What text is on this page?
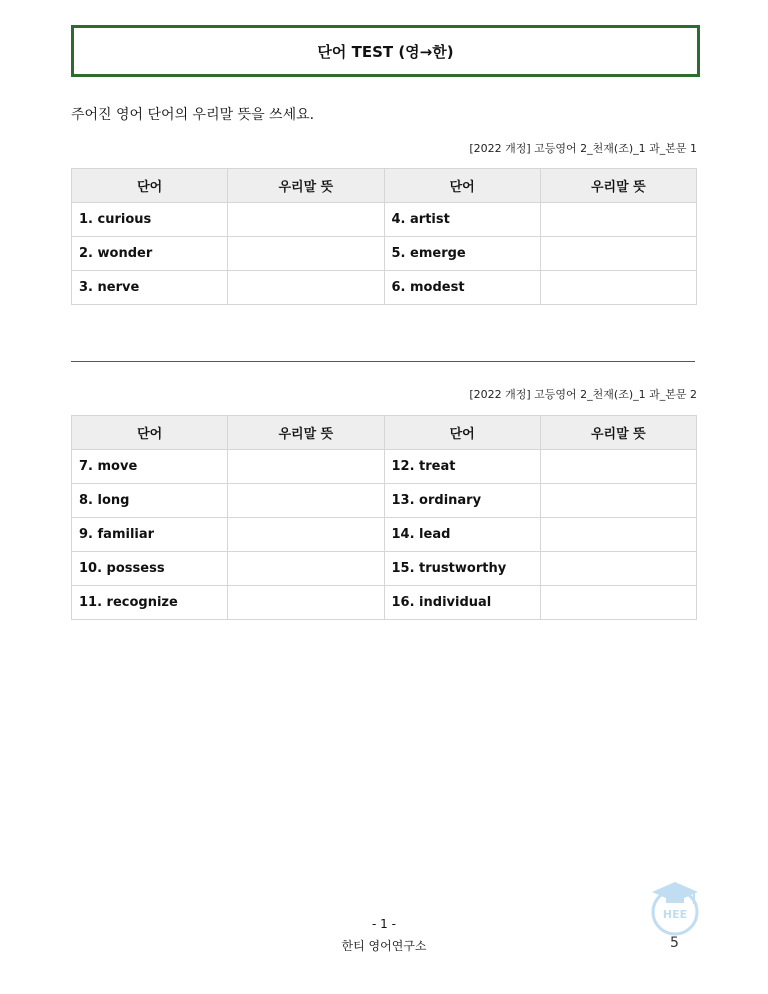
단어 TEST (영→한)
주어진 영어 단어의 우리말 뜻을 쓰세요.
[2022 개정] 고등영어 2_천재(조)_1 과_본문 1
단어	우리말 뜻	단어	우리말 뜻
1. curious		4. artist	
2. wonder		5. emerge	
3. nerve		6. modest	
[2022 개정] 고등영어 2_천재(조)_1 과_본문 2
단어	우리말 뜻	단어	우리말 뜻
7. move		12. treat	
8. long		13. ordinary	
9. familiar		14. lead	
10. possess		15. trustworthy	
11. recognize		16. individual	
- 1 -
한티 영어연구소
HEE
5
